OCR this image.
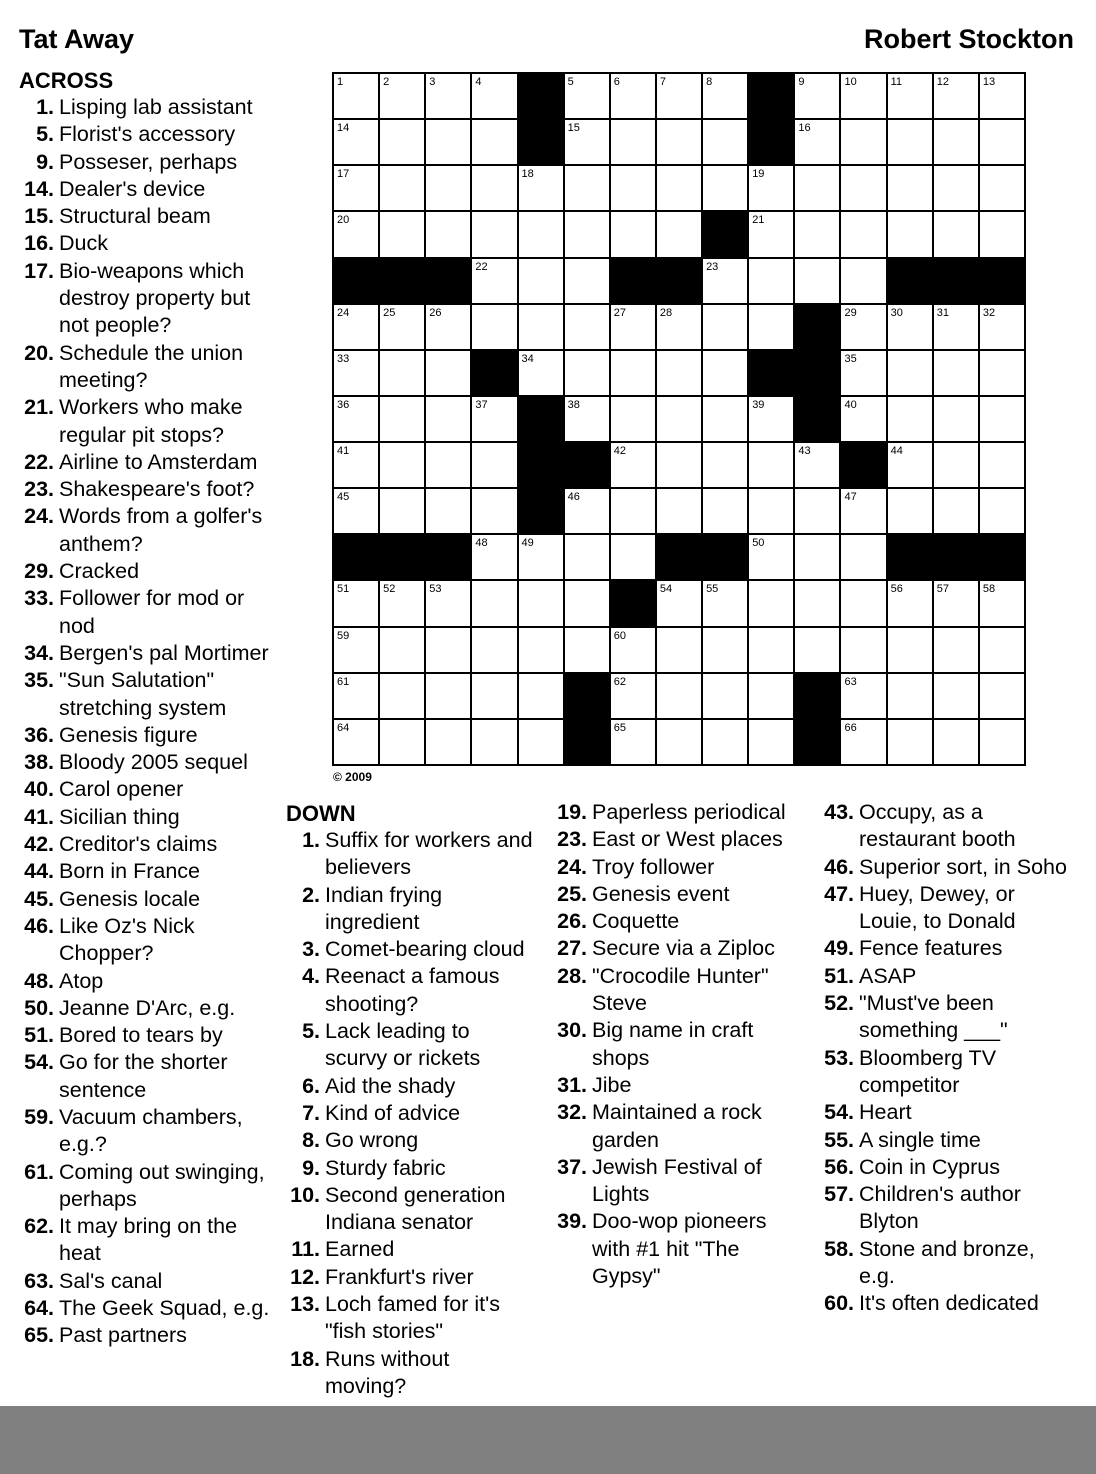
Tat Away	Robert Stockton
ACROSS
1. Lisping lab assistant
5. Florist's accessory
9. Posseser, perhaps
14. Dealer's device
15. Structural beam
16. Duck
17. Bio-weapons which destroy property but not people?
20. Schedule the union meeting?
21. Workers who make regular pit stops?
22. Airline to Amsterdam
23. Shakespeare's foot?
24. Words from a golfer's anthem?
29. Cracked
33. Follower for mod or nod
34. Bergen's pal Mortimer
35. "Sun Salutation" stretching system
36. Genesis figure
38. Bloody 2005 sequel
40. Carol opener
41. Sicilian thing
42. Creditor's claims
44. Born in France
45. Genesis locale
46. Like Oz's Nick Chopper?
48. Atop
50. Jeanne D'Arc, e.g.
51. Bored to tears by
54. Go for the shorter sentence
59. Vacuum chambers, e.g.?
61. Coming out swinging, perhaps
62. It may bring on the heat
63. Sal's canal
64. The Geek Squad, e.g.
65. Past partners
1	2	3	4	5	6	7	8	9	10	11	12	13
14	15	16
17	18	19
20	21
22	23
24	25	26	27	28	29	30	31	32
33	34	35
36	37	38	39	40
41	42	43	44
45	46	47
48	49	50
51	52	53	54	55	56	57	58
59	60
61	62	63
64	65	66
© 2009
DOWN
1. Suffix for workers and believers
2. Indian frying ingredient
3. Comet-bearing cloud
4. Reenact a famous shooting?
5. Lack leading to scurvy or rickets
6. Aid the shady
7. Kind of advice
8. Go wrong
9. Sturdy fabric
10. Second generation Indiana senator
11. Earned
12. Frankfurt's river
13. Loch famed for it's "fish stories"
18. Runs without moving?
19. Paperless periodical
23. East or West places
24. Troy follower
25. Genesis event
26. Coquette
27. Secure via a Ziploc
28. "Crocodile Hunter" Steve
30. Big name in craft shops
31. Jibe
32. Maintained a rock garden
37. Jewish Festival of Lights
39. Doo-wop pioneers with #1 hit "The Gypsy"
43. Occupy, as a restaurant booth
46. Superior sort, in Soho
47. Huey, Dewey, or Louie, to Donald
49. Fence features
51. ASAP
52. "Must've been something ___"
53. Bloomberg TV competitor
54. Heart
55. A single time
56. Coin in Cyprus
57. Children's author Blyton
58. Stone and bronze, e.g.
60. It's often dedicated
